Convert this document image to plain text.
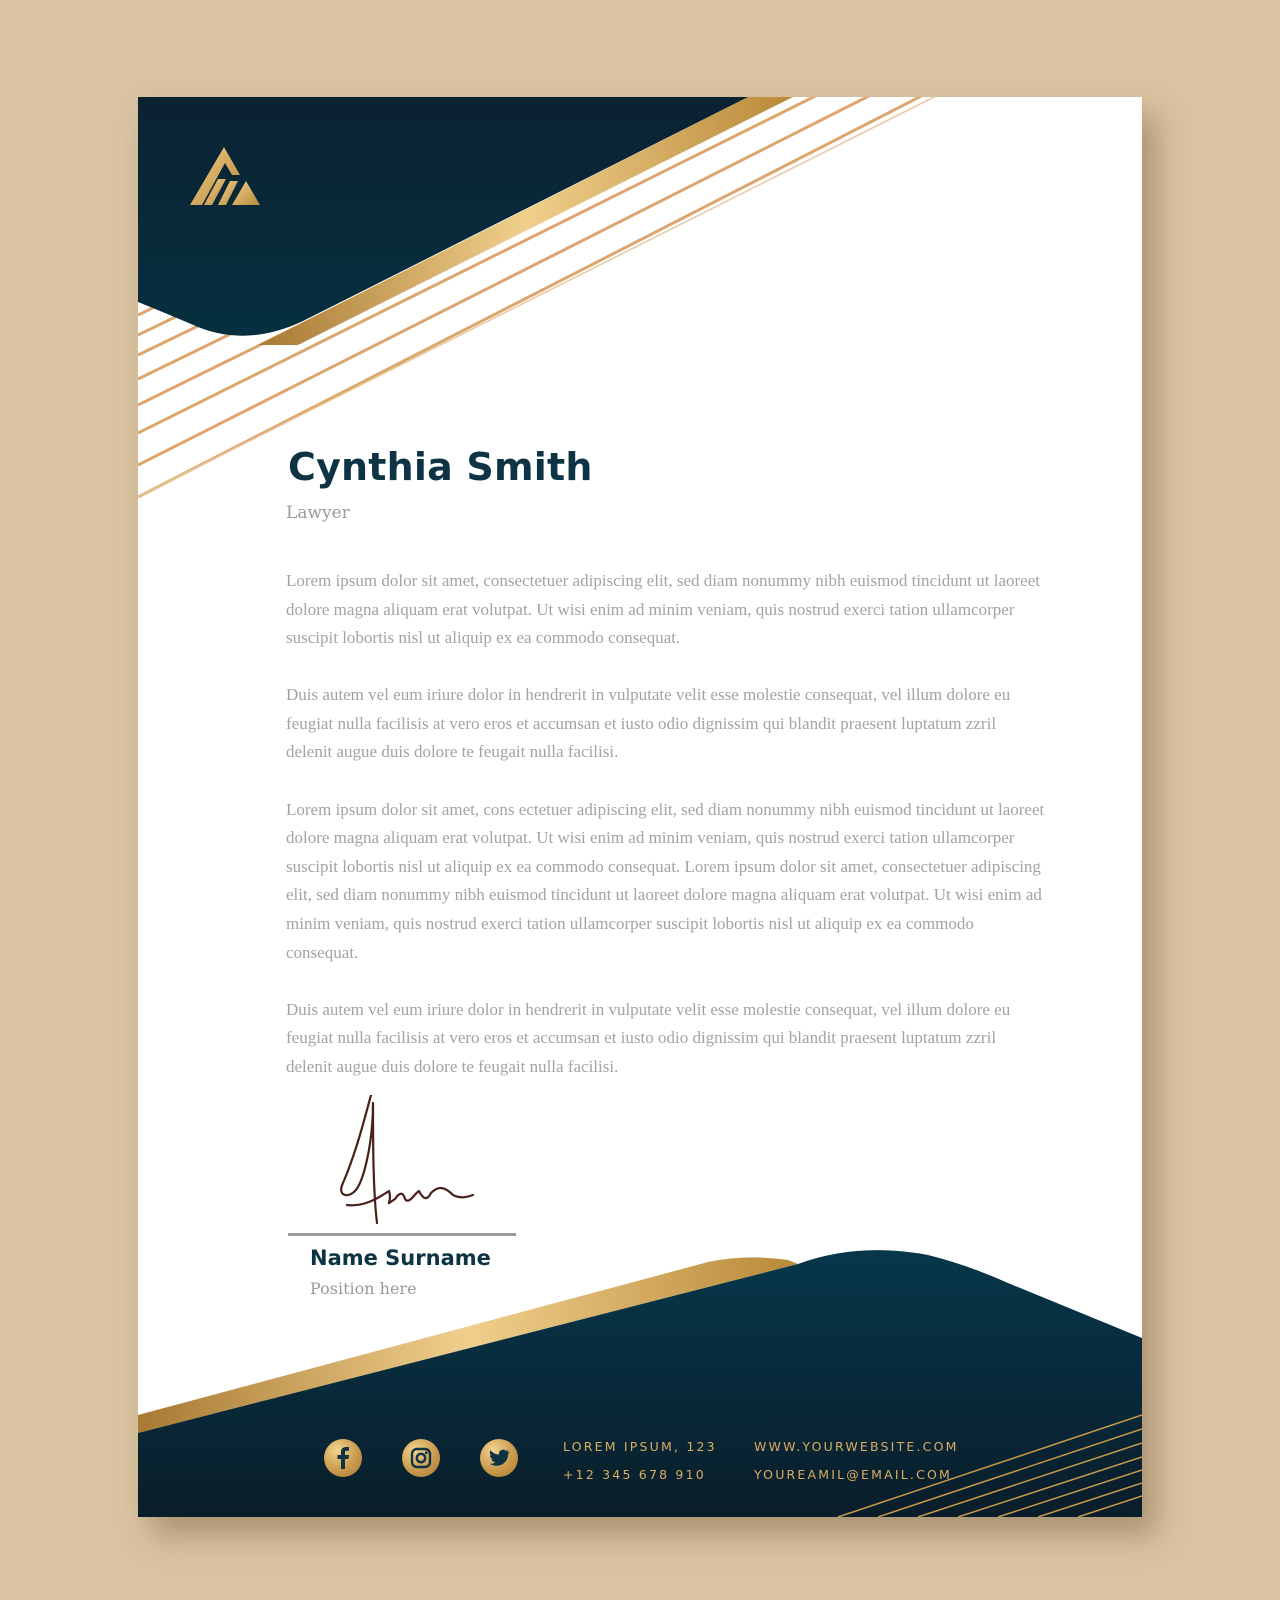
Cynthia Smith
Lawyer

Lorem ipsum dolor sit amet, consectetuer adipiscing elit, sed diam nonummy nibh euismod tincidunt ut laoreet dolore magna aliquam erat volutpat. Ut wisi enim ad minim veniam, quis nostrud exerci tation ullamcorper suscipit lobortis nisl ut aliquip ex ea commodo consequat.

Duis autem vel eum iriure dolor in hendrerit in vulputate velit esse molestie consequat, vel illum dolore eu feugiat nulla facilisis at vero eros et accumsan et iusto odio dignissim qui blandit praesent luptatum zzril delenit augue duis dolore te feugait nulla facilisi.

Lorem ipsum dolor sit amet, cons ectetuer adipiscing elit, sed diam nonummy nibh euismod tincidunt ut laoreet dolore magna aliquam erat volutpat. Ut wisi enim ad minim veniam, quis nostrud exerci tation ullamcorper suscipit lobortis nisl ut aliquip ex ea commodo consequat. Lorem ipsum dolor sit amet, consectetuer adipiscing elit, sed diam nonummy nibh euismod tincidunt ut laoreet dolore magna aliquam erat volutpat. Ut wisi enim ad minim veniam, quis nostrud exerci tation ullamcorper suscipit lobortis nisl ut aliquip ex ea commodo consequat.

Duis autem vel eum iriure dolor in hendrerit in vulputate velit esse molestie consequat, vel illum dolore eu feugiat nulla facilisis at vero eros et accumsan et iusto odio dignissim qui blandit praesent luptatum zzril delenit augue duis dolore te feugait nulla facilisi.

Name Surname
Position here
LOREM IPSUM, 123
+12 345 678 910
WWW.YOURWEBSITE.COM
YOUREAMIL@EMAIL.COM
